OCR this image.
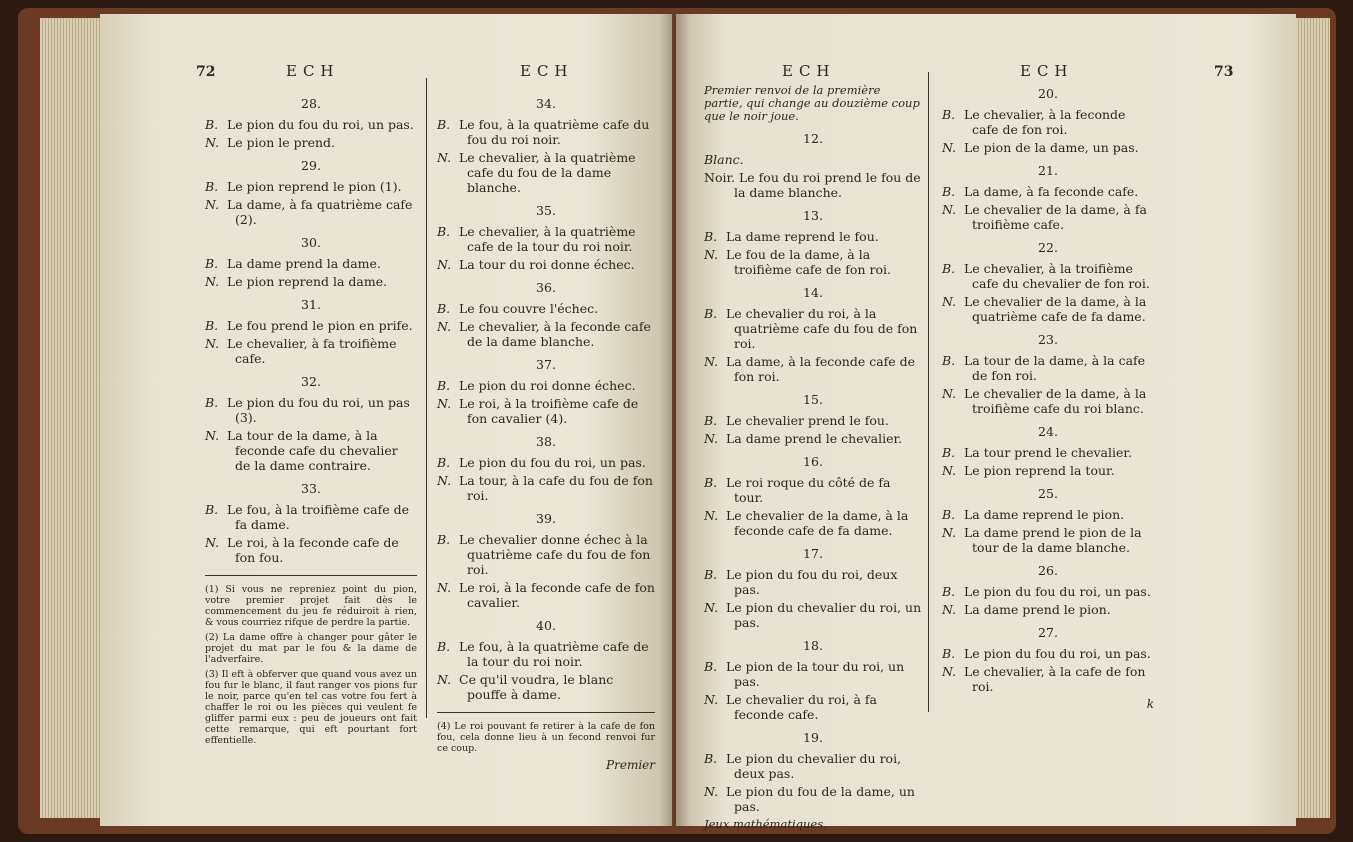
72	ECH	ECH
28.
B. Le pion du fou du roi, un pas.
N. Le pion le prend.
29.
B. Le pion reprend le pion (1).
N. La dame, à fa quatrième cafe (2).
30.
B. La dame prend la dame.
N. Le pion reprend la dame.
31.
B. Le fou prend le pion en prife.
N. Le chevalier, à fa troifième cafe.
32.
B. Le pion du fou du roi, un pas (3).
N. La tour de la dame, à la feconde cafe du chevalier de la dame contraire.
33.
B. Le fou, à la troifième cafe de fa dame.
N. Le roi, à la feconde cafe de fon fou.
(1) Si vous ne repreniez point du pion, votre premier projet fait dès le commencement du jeu fe réduiroit à rien, & vous courriez rifque de perdre la partie.
(2) La dame offre à changer pour gâter le projet du mat par le fou & la dame de l'adverfaire.
(3) Il eft à obferver que quand vous avez un fou fur le blanc, il faut ranger vos pions fur le noir, parce qu'en tel cas votre fou fert à chaffer le roi ou les pièces qui veulent fe gliffer parmi eux : peu de joueurs ont fait cette remarque, qui eft pourtant fort effentielle.
34.
B. Le fou, à la quatrième cafe du fou du roi noir.
N. Le chevalier, à la quatrième cafe du fou de la dame blanche.
35.
B. Le chevalier, à la quatrième cafe de la tour du roi noir.
N. La tour du roi donne échec.
36.
B. Le fou couvre l'échec.
N. Le chevalier, à la feconde cafe de la dame blanche.
37.
B. Le pion du roi donne échec.
N. Le roi, à la troifième cafe de fon cavalier (4).
38.
B. Le pion du fou du roi, un pas.
N. La tour, à la cafe du fou de fon roi.
39.
B. Le chevalier donne échec à la quatrième cafe du fou de fon roi.
N. Le roi, à la feconde cafe de fon cavalier.
40.
B. Le fou, à la quatrième cafe de la tour du roi noir.
N. Ce qu'il voudra, le blanc pouffe à dame.
(4) Le roi pouvant fe retirer à la cafe de fon fou, cela donne lieu à un fecond renvoi fur ce coup.
Premier
ECH	ECH	73
Premier renvoi de la première partie, qui change au douzième coup que le noir joue.
12.
Blanc.
Noir. Le fou du roi prend le fou de la dame blanche.
13.
B. La dame reprend le fou.
N. Le fou de la dame, à la troifième cafe de fon roi.
14.
B. Le chevalier du roi, à la quatrième cafe du fou de fon roi.
N. La dame, à la feconde cafe de fon roi.
15.
B. Le chevalier prend le fou.
N. La dame prend le chevalier.
16.
B. Le roi roque du côté de fa tour.
N. Le chevalier de la dame, à la feconde cafe de fa dame.
17.
B. Le pion du fou du roi, deux pas.
N. Le pion du chevalier du roi, un pas.
18.
B. Le pion de la tour du roi, un pas.
N. Le chevalier du roi, à fa feconde cafe.
19.
B. Le pion du chevalier du roi, deux pas.
N. Le pion du fou de la dame, un pas.
Jeux mathématiques.
20.
B. Le chevalier, à la feconde cafe de fon roi.
N. Le pion de la dame, un pas.
21.
B. La dame, à fa feconde cafe.
N. Le chevalier de la dame, à fa troifième cafe.
22.
B. Le chevalier, à la troifième cafe du chevalier de fon roi.
N. Le chevalier de la dame, à la quatrième cafe de fa dame.
23.
B. La tour de la dame, à la cafe de fon roi.
N. Le chevalier de la dame, à la troifième cafe du roi blanc.
24.
B. La tour prend le chevalier.
N. Le pion reprend la tour.
25.
B. La dame reprend le pion.
N. La dame prend le pion de la tour de la dame blanche.
26.
B. Le pion du fou du roi, un pas.
N. La dame prend le pion.
27.
B. Le pion du fou du roi, un pas.
N. Le chevalier, à la cafe de fon roi.
k
